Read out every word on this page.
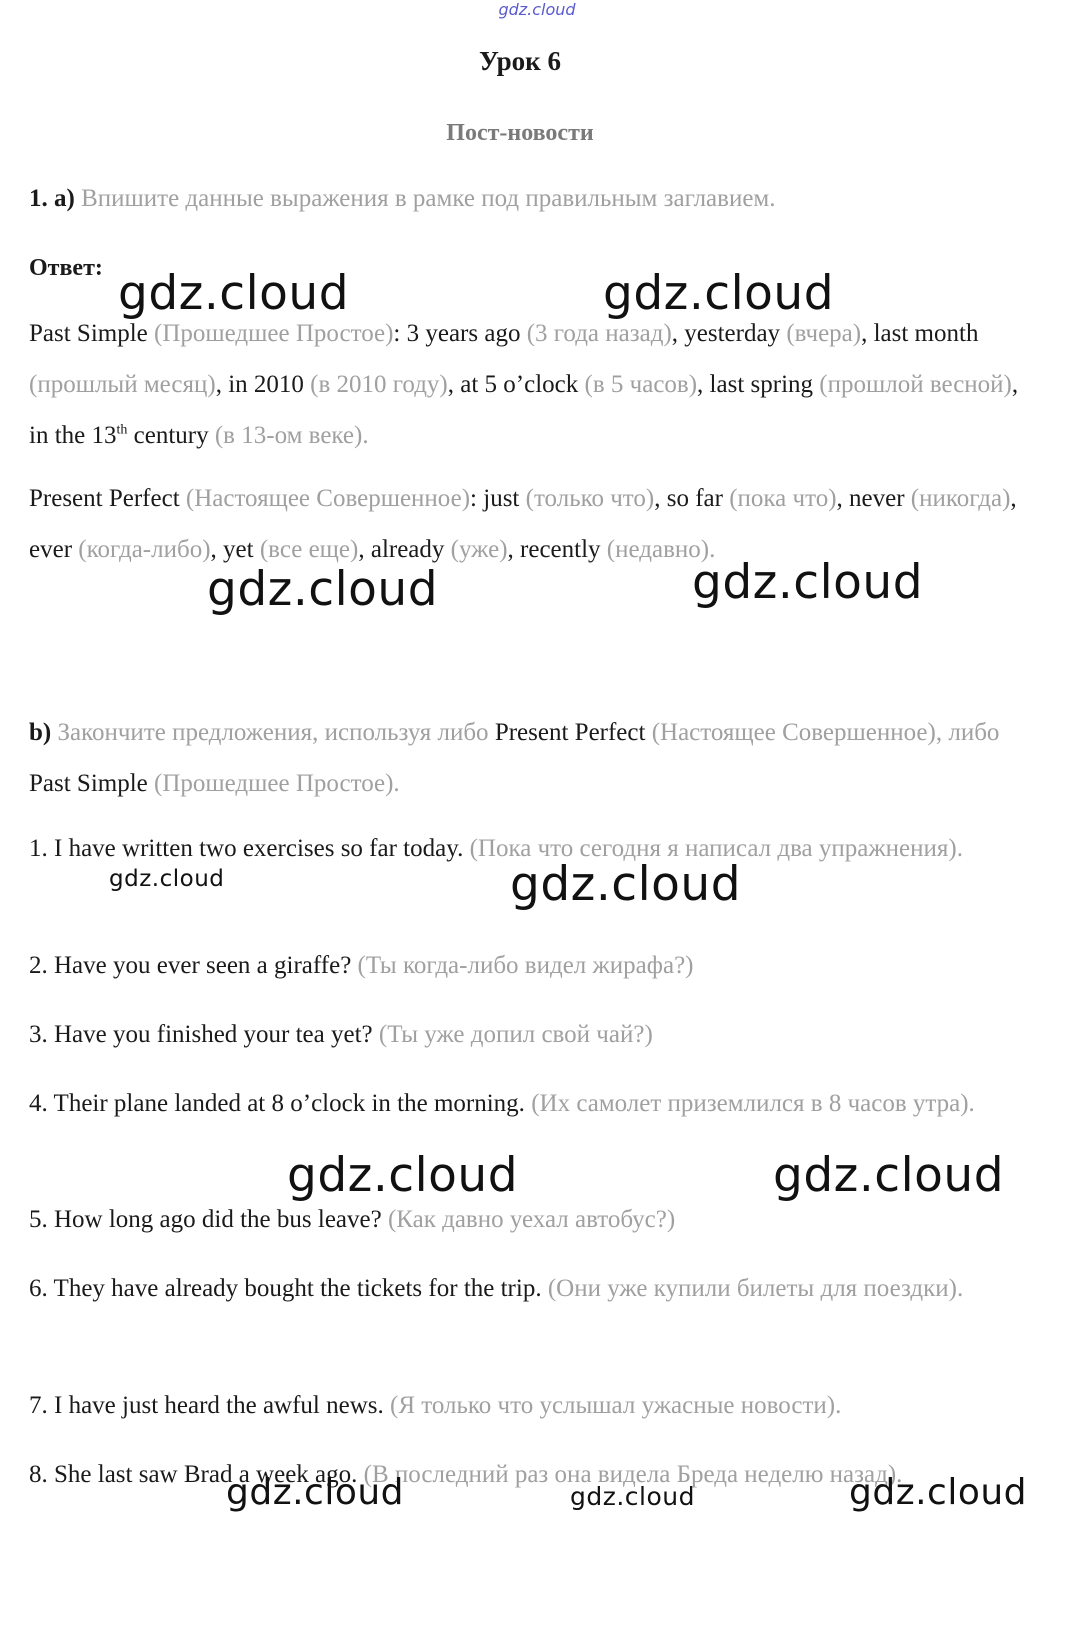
gdz.cloud
Урок 6
Пост-новости
1. а) Впишите данные выражения в рамке под правильным заглавием.
Ответ:
Past Simple (Прошедшее Простое): 3 years ago (3 года назад), yesterday (вчера), last month (прошлый месяц), in 2010 (в 2010 году), at 5 o’clock (в 5 часов), last spring (прошлой весной), in the 13th century (в 13-ом веке).
Present Perfect (Настоящее Совершенное): just (только что), so far (пока что), never (никогда), ever (когда-либо), yet (все еще), already (уже), recently (недавно).
b) Закончите предложения, используя либо Present Perfect (Настоящее Совершенное), либо Past Simple (Прошедшее Простое).
1. I have written two exercises so far today. (Пока что сегодня я написал два упражнения).
2. Have you ever seen a giraffe? (Ты когда-либо видел жирафа?)
3. Have you finished your tea yet? (Ты уже допил свой чай?)
4. Their plane landed at 8 o’clock in the morning. (Их самолет приземлился в 8 часов утра).
5. How long ago did the bus leave? (Как давно уехал автобус?)
6. They have already bought the tickets for the trip. (Они уже купили билеты для поездки).
7. I have just heard the awful news. (Я только что услышал ужасные новости).
8. She last saw Brad a week ago. (В последний раз она видела Бреда неделю назад).
gdz.cloud	gdz.cloud
gdz.cloud	gdz.cloud
gdz.cloud	gdz.cloud
gdz.cloud	gdz.cloud
gdz.cloud	gdz.cloud	gdz.cloud
